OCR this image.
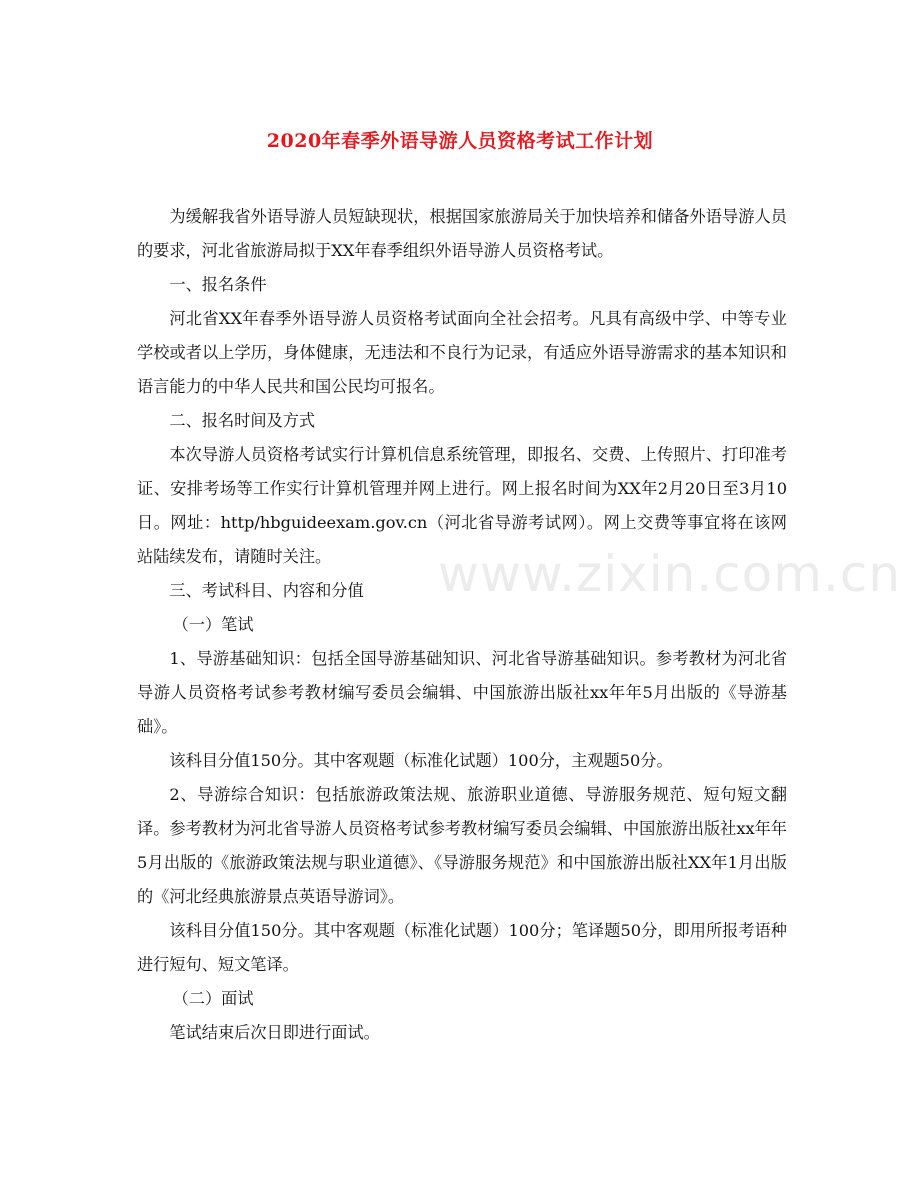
www.zixin.com.cn
2020年春季外语导游人员资格考试工作计划

为缓解我省外语导游人员短缺现状，根据国家旅游局关于加快培养和储备外语导游人员的要求，河北省旅游局拟于XX年春季组织外语导游人员资格考试。

一、报名条件

河北省XX年春季外语导游人员资格考试面向全社会招考。凡具有高级中学、中等专业学校或者以上学历，身体健康，无违法和不良行为记录，有适应外语导游需求的基本知识和语言能力的中华人民共和国公民均可报名。

二、报名时间及方式

本次导游人员资格考试实行计算机信息系统管理，即报名、交费、上传照片、打印准考证、安排考场等工作实行计算机管理并网上进行。网上报名时间为XX年2月20日至3月10日。网址：http/hbguideexam.gov.cn（河北省导游考试网）。网上交费等事宜将在该网站陆续发布，请随时关注。

三、考试科目、内容和分值

（一）笔试

1、导游基础知识：包括全国导游基础知识、河北省导游基础知识。参考教材为河北省导游人员资格考试参考教材编写委员会编辑、中国旅游出版社xx年年5月出版的《导游基础》。

该科目分值150分。其中客观题（标准化试题）100分，主观题50分。

2、导游综合知识：包括旅游政策法规、旅游职业道德、导游服务规范、短句短文翻译。参考教材为河北省导游人员资格考试参考教材编写委员会编辑、中国旅游出版社xx年年5月出版的《旅游政策法规与职业道德》、《导游服务规范》和中国旅游出版社XX年1月出版的《河北经典旅游景点英语导游词》。

该科目分值150分。其中客观题（标准化试题）100分；笔译题50分，即用所报考语种进行短句、短文笔译。

（二）面试

笔试结束后次日即进行面试。
